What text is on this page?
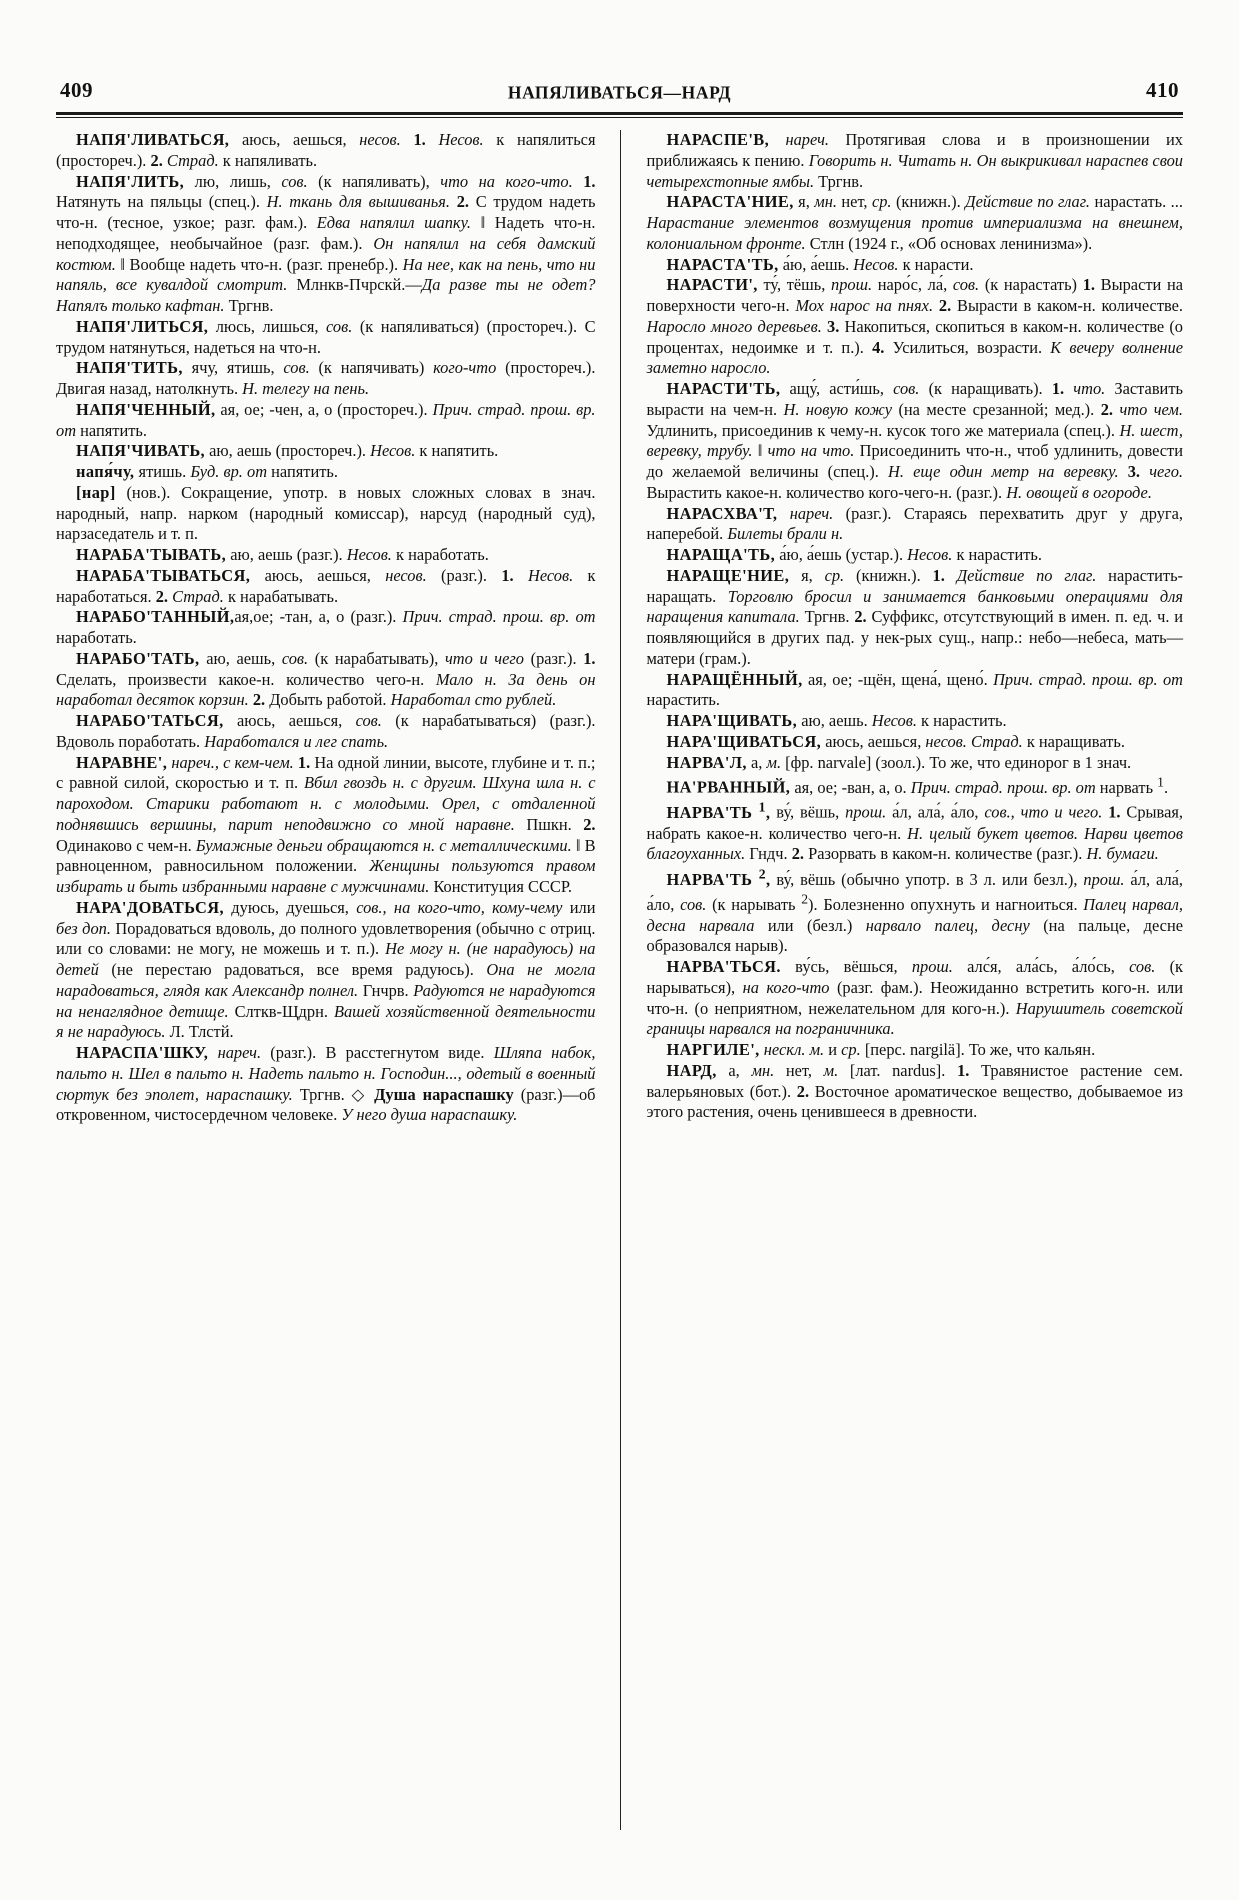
409	НАПЯЛИВАТЬСЯ—НАРД	410

НАПЯ'ЛИВАТЬСЯ, аюсь, аешься, несов. 1. Несов. к напялиться (простореч.). 2. Страд. к напяливать.

НАПЯ'ЛИТЬ, лю, лишь, сов. (к напяливать), что на кого-что. 1. Натянуть на пяльцы (спец.). Н. ткань для вышиванья. 2. С трудом надеть что-н. (тесное, узкое; разг. фам.). Едва напялил шапку. ǁ Надеть что-н. неподходящее, необычайное (разг. фам.). Он напялил на себя дамский костюм. ǁ Вообще надеть что-н. (разг. пренебр.). На нее, как на пень, что ни напяль, все кувалдой смотрит. Млнкв-Пчрскй.—Да разве ты не одет? Напялъ только кафтан. Тргнв.

НАПЯ'ЛИТЬСЯ, люсь, лишься, сов. (к напяливаться) (простореч.). С трудом натянуться, надеться на что-н.

НАПЯ'ТИТЬ, ячу, ятишь, сов. (к напячивать) кого-что (простореч.). Двигая назад, натолкнуть. Н. телегу на пень.

НАПЯ'ЧЕННЫЙ, ая, ое; -чен, а, о (простореч.). Прич. страд. прош. вр. от напятить.

НАПЯ'ЧИВАТЬ, аю, аешь (простореч.). Несов. к напятить.

напя́чу, ятишь. Буд. вр. от напятить.

[нар] (нов.). Сокращение, употр. в новых сложных словах в знач. народный, напр. нарком (народный комиссар), нарсуд (народный суд), нарзаседатель и т. п.

НАРАБА'ТЫВАТЬ, аю, аешь (разг.). Несов. к наработать.

НАРАБА'ТЫВАТЬСЯ, аюсь, аешься, несов. (разг.). 1. Несов. к наработаться. 2. Страд. к нарабатывать.

НАРАБО'ТАННЫЙ,ая,ое; -тан, а, о (разг.). Прич. страд. прош. вр. от наработать.

НАРАБО'ТАТЬ, аю, аешь, сов. (к нарабатывать), что и чего (разг.). 1. Сделать, произвести какое-н. количество чего-н. Мало н. За день он наработал десяток корзин. 2. Добыть работой. Наработал сто рублей.

НАРАБО'ТАТЬСЯ, аюсь, аешься, сов. (к нарабатываться) (разг.). Вдоволь поработать. Наработался и лег спать.

НАРАВНЕ', нареч., с кем-чем. 1. На одной линии, высоте, глубине и т. п.; с равной силой, скоростью и т. п. Вбил гвоздь н. с другим. Шхуна шла н. с пароходом. Старики работают н. с молодыми. Орел, с отдаленной поднявшись вершины, парит неподвижно со мной наравне. Пшкн. 2. Одинаково с чем-н. Бумажные деньги обращаются н. с металлическими. ǁ В равноценном, равносильном положении. Женщины пользуются правом избирать и быть избранными наравне с мужчинами. Конституция СССР.

НАРА'ДОВАТЬСЯ, дуюсь, дуешься, сов., на кого-что, кому-чему или без доп. Порадоваться вдоволь, до полного удовлетворения (обычно с отриц. или со словами: не могу, не можешь и т. п.). Не могу н. (не нарадуюсь) на детей (не перестаю радоваться, все время радуюсь). Она не могла нарадоваться, глядя как Александр полнел. Гнчрв. Радуются не нарадуются на ненаглядное детище. Слткв-Щдрн. Вашей хозяйственной деятельности я не нарадуюсь. Л. Тлстй.

НАРАСПА'ШКУ, нареч. (разг.). В расстегнутом виде. Шляпа набок, пальто н. Шел в пальто н. Надеть пальто н. Господин..., одетый в военный сюртук без эполет, нараспашку. Тргнв. ◇ Душа нараспашку (разг.)—об откровенном, чистосердечном человеке. У него душа нараспашку.

НАРАСПЕ'В, нареч. Протягивая слова и в произношении их приближаясь к пению. Говорить н. Читать н. Он выкрикивал нараспев свои четырехстопные ямбы. Тргнв.

НАРАСТА'НИЕ, я, мн. нет, ср. (книжн.). Действие по глаг. нарастать. ... Нарастание элементов возмущения против империализма на внешнем, колониальном фронте. Стлн (1924 г., «Об основах ленинизма»).

НАРАСТА'ТЬ, а́ю, а́ешь. Несов. к нарасти.

НАРАСТИ', ту́, тёшь, прош. наро́с, ла́, сов. (к нарастать) 1. Вырасти на поверхности чего-н. Мох нарос на пнях. 2. Вырасти в каком-н. количестве. Наросло много деревьев. 3. Накопиться, скопиться в каком-н. количестве (о процентах, недоимке и т. п.). 4. Усилиться, возрасти. К вечеру волнение заметно наросло.

НАРАСТИ'ТЬ, ащу́, асти́шь, сов. (к наращивать). 1. что. Заставить вырасти на чем-н. Н. новую кожу (на месте срезанной; мед.). 2. что чем. Удлинить, присоединив к чему-н. кусок того же материала (спец.). Н. шест, веревку, трубу. ǁ что на что. Присоединить что-н., чтоб удлинить, довести до желаемой величины (спец.). Н. еще один метр на веревку. 3. чего. Вырастить какое-н. количество кого-чего-н. (разг.). Н. овощей в огороде.

НАРАСХВА'Т, нареч. (разг.). Стараясь перехватить друг у друга, наперебой. Билеты брали н.

НАРАЩА'ТЬ, а́ю, а́ешь (устар.). Несов. к нарастить.

НАРАЩЕ'НИЕ, я, ср. (книжн.). 1. Действие по глаг. нарастить-наращать. Торговлю бросил и занимается банковыми операциями для наращения капитала. Тргнв. 2. Суффикс, отсутствующий в имен. п. ед. ч. и появляющийся в других пад. у нек-рых сущ., напр.: небо—небеса, мать—матери (грам.).

НАРАЩЁННЫЙ, ая, ое; -щён, щена́, щено́. Прич. страд. прош. вр. от нарастить.

НАРА'ЩИВАТЬ, аю, аешь. Несов. к нарастить.

НАРА'ЩИВАТЬСЯ, аюсь, аешься, несов. Страд. к наращивать.

НАРВА'Л, а, м. [фр. narvale] (зоол.). То же, что единорог в 1 знач.

НА'РВАННЫЙ, ая, ое; -ван, а, о. Прич. страд. прош. вр. от нарвать $^1$.

НАРВА'ТЬ $^1$, ву́, вёшь, прош. а́л, ала́, а́ло, сов., что и чего. 1. Срывая, набрать какое-н. количество чего-н. Н. целый букет цветов. Нарви цветов благоуханных. Гндч. 2. Разорвать в каком-н. количестве (разг.). Н. бумаги.

НАРВА'ТЬ $^2$, ву́, вёшь (обычно употр. в 3 л. или безл.), прош. а́л, ала́, а́ло, сов. (к нарывать $^2$). Болезненно опухнуть и нагноиться. Палец нарвал, десна нарвала или (безл.) нарвало палец, десну (на пальце, десне образовался нарыв).

НАРВА'ТЬСЯ. ву́сь, вёшься, прош. алс́я, ала́сь, а́ло́сь, сов. (к нарываться), на кого-что (разг. фам.). Неожиданно встретить кого-н. или что-н. (о неприятном, нежелательном для кого-н.). Нарушитель советской границы нарвался на пограничника.

НАРГИЛЕ', нескл. м. и ср. [перс. nargilä]. То же, что кальян.

НАРД, а, мн. нет, м. [лат. nardus]. 1. Травянистое растение сем. валерьяновых (бот.). 2. Восточное ароматическое вещество, добываемое из этого растения, очень ценившееся в древности.
